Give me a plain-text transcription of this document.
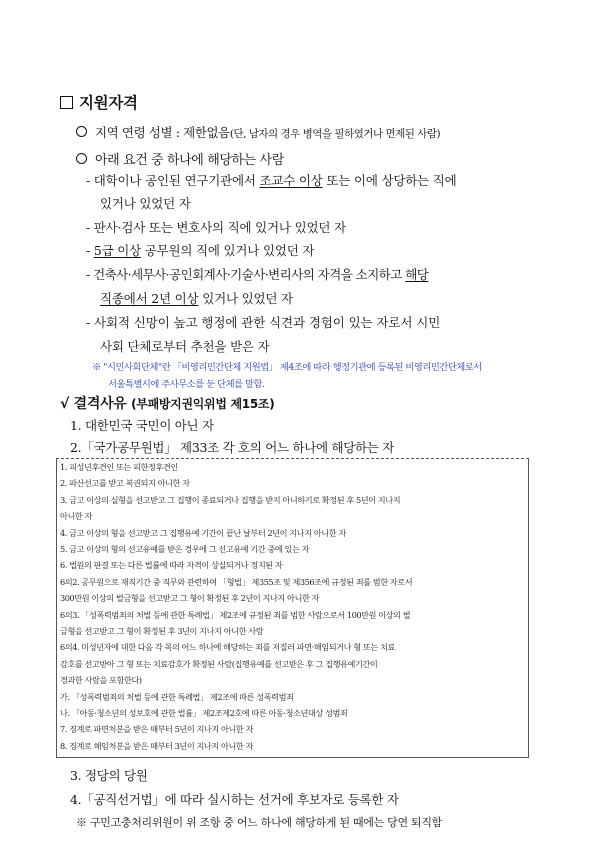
지원자격
지역 연령 성별 : 제한없음(단, 남자의 경우 병역을 필하였거나 면제된 사람)
아래 요건 중 하나에 해당하는 사람
- 대학이나 공인된 연구기관에서 조교수 이상 또는 이에 상당하는 직에
있거나 있었던 자
- 판사·검사 또는 변호사의 직에 있거나 있었던 자
- 5급 이상 공무원의 직에 있거나 있었던 자
- 건축사·세무사·공인회계사·기술사·변리사의 자격을 소지하고 해당
직종에서 2년 이상 있거나 있었던 자
- 사회적 신망이 높고 행정에 관한 식견과 경험이 있는 자로서 시민
사회 단체로부터 추천을 받은 자
※ "시민사회단체"란 「비영리민간단체 지원법」 제4조에 따라 행정기관에 등록된 비영리민간단체로서
서울특별시에 주사무소를 둔 단체를 말함.
√ 결격사유 (부패방지권익위법 제15조)
1. 대한민국 국민이 아닌 자
2.「국가공무원법」 제33조 각 호의 어느 하나에 해당하는 자
1. 피성년후견인 또는 피한정후견인
2. 파산선고를 받고 복권되지 아니한 자
3. 금고 이상의 실형을 선고받고 그 집행이 종료되거나 집행을 받지 아니하기로 확정된 후 5년이 지나지
아니한 자
4. 금고 이상의 형을 선고받고 그 집행유예 기간이 끝난 날부터 2년이 지나지 아니한 자
5. 금고 이상의 형의 선고유예를 받은 경우에 그 선고유예 기간 중에 있는 자
6. 법원의 판결 또는 다른 법률에 따라 자격이 상실되거나 정지된 자
6의2. 공무원으로 재직기간 중 직무와 관련하여 「형법」 제355조 및 제356조에 규정된 죄를 범한 자로서
300만원 이상의 벌금형을 선고받고 그 형이 확정된 후 2년이 지나지 아니한 자
6의3. 「성폭력범죄의 처벌 등에 관한 특례법」 제2조에 규정된 죄를 범한 사람으로서 100만원 이상의 벌
금형을 선고받고 그 형이 확정된 후 3년이 지나지 아니한 사람
6의4. 미성년자에 대한 다음 각 목의 어느 하나에 해당하는 죄를 저질러 파면·해임되거나 형 또는 치료
감호를 선고받아 그 형 또는 치료감호가 확정된 사람(집행유예를 선고받은 후 그 집행유예기간이
경과한 사람을 포함한다)
가. 「성폭력범죄의 처벌 등에 관한 특례법」 제2조에 따른 성폭력범죄
나. 「아동·청소년의 성보호에 관한 법률」 제2조제2호에 따른 아동·청소년대상 성범죄
7. 징계로 파면처분을 받은 때부터 5년이 지나지 아니한 자
8. 징계로 해임처분을 받은 때부터 3년이 지나지 아니한 자
3. 정당의 당원
4.「공직선거법」에 따라 실시하는 선거에 후보자로 등록한 자
※ 구민고충처리위원이 위 조항 중 어느 하나에 해당하게 된 때에는 당연 퇴직함
